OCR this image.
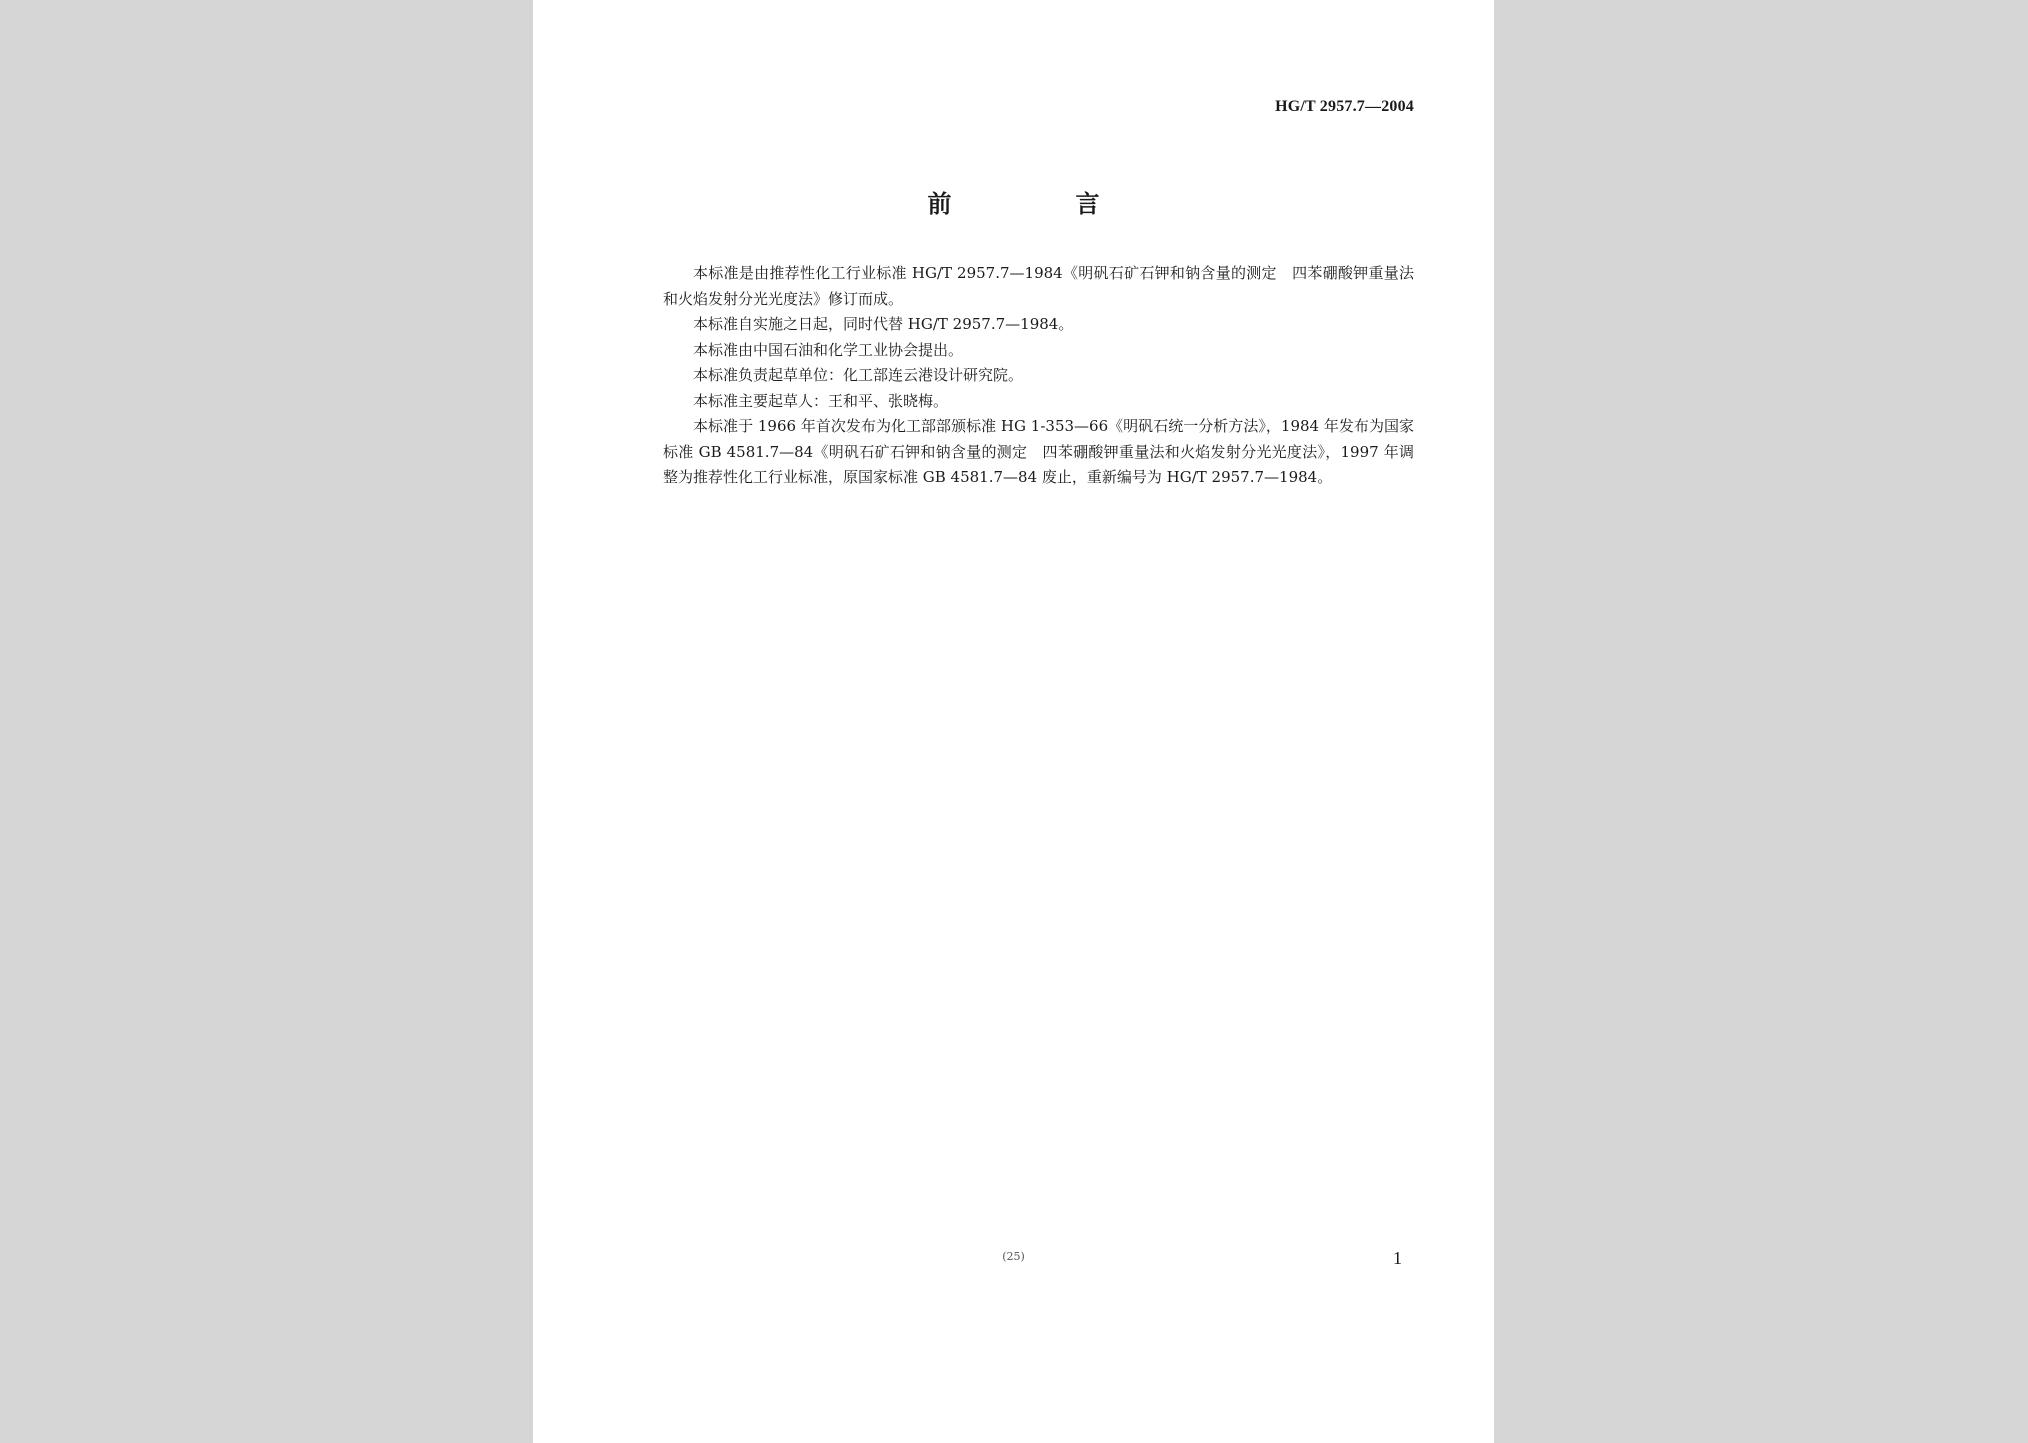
HG/T 2957.7—2004
前　言

本标准是由推荐性化工行业标准 HG/T 2957.7—1984《明矾石矿石钾和钠含量的测定　四苯硼酸钾重量法和火焰发射分光光度法》修订而成。

本标准自实施之日起，同时代替 HG/T 2957.7—1984。

本标准由中国石油和化学工业协会提出。

本标准负责起草单位：化工部连云港设计研究院。

本标准主要起草人：王和平、张晓梅。

本标准于 1966 年首次发布为化工部部颁标准 HG 1-353—66《明矾石统一分析方法》，1984 年发布为国家标准 GB 4581.7—84《明矾石矿石钾和钠含量的测定　四苯硼酸钾重量法和火焰发射分光光度法》，1997 年调整为推荐性化工行业标准，原国家标准 GB 4581.7—84 废止，重新编号为 HG/T 2957.7—1984。

(25)	1
